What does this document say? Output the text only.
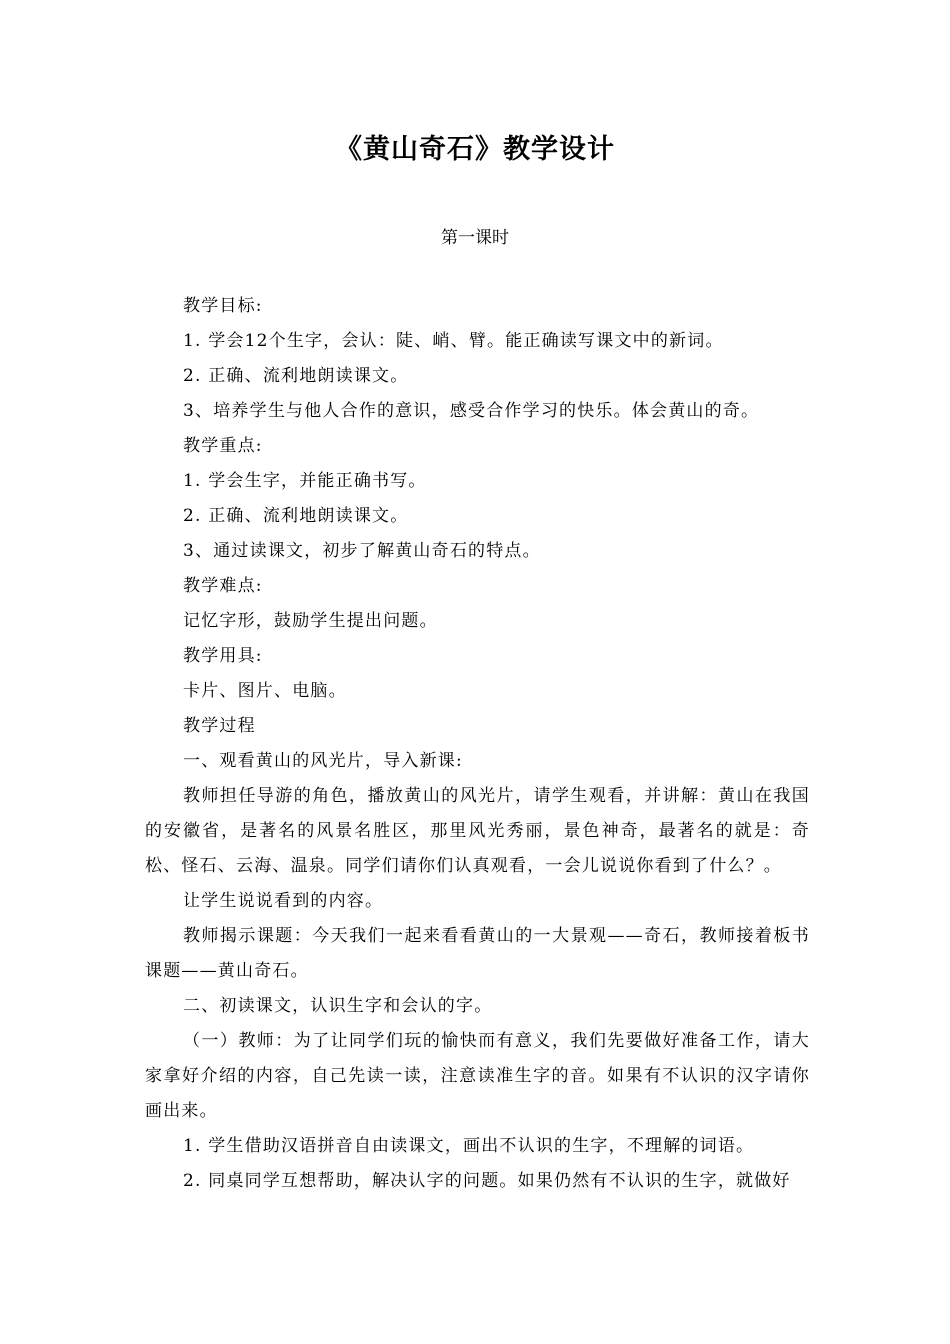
《黄山奇石》教学设计
第一课时

教学目标:

1. 学会12个生字，会认：陡、峭、臂。能正确读写课文中的新词。

2. 正确、流利地朗读课文。

3、培养学生与他人合作的意识，感受合作学习的快乐。体会黄山的奇。

教学重点:

1. 学会生字，并能正确书写。

2. 正确、流利地朗读课文。

3、通过读课文，初步了解黄山奇石的特点。

教学难点:

记忆字形，鼓励学生提出问题。

教学用具:

卡片、图片、电脑。

教学过程

一、观看黄山的风光片，导入新课:

教师担任导游的角色，播放黄山的风光片，请学生观看，并讲解：黄山在我国的安徽省，是著名的风景名胜区，那里风光秀丽，景色神奇，最著名的就是：奇松、怪石、云海、温泉。同学们请你们认真观看，一会儿说说你看到了什么？。

让学生说说看到的内容。

教师揭示课题：今天我们一起来看看黄山的一大景观——奇石，教师接着板书课题——黄山奇石。

二、初读课文，认识生字和会认的字。

（一）教师：为了让同学们玩的愉快而有意义，我们先要做好准备工作，请大家拿好介绍的内容，自己先读一读，注意读准生字的音。如果有不认识的汉字请你画出来。

1. 学生借助汉语拼音自由读课文，画出不认识的生字，不理解的词语。

2. 同桌同学互想帮助，解决认字的问题。如果仍然有不认识的生字，就做好
